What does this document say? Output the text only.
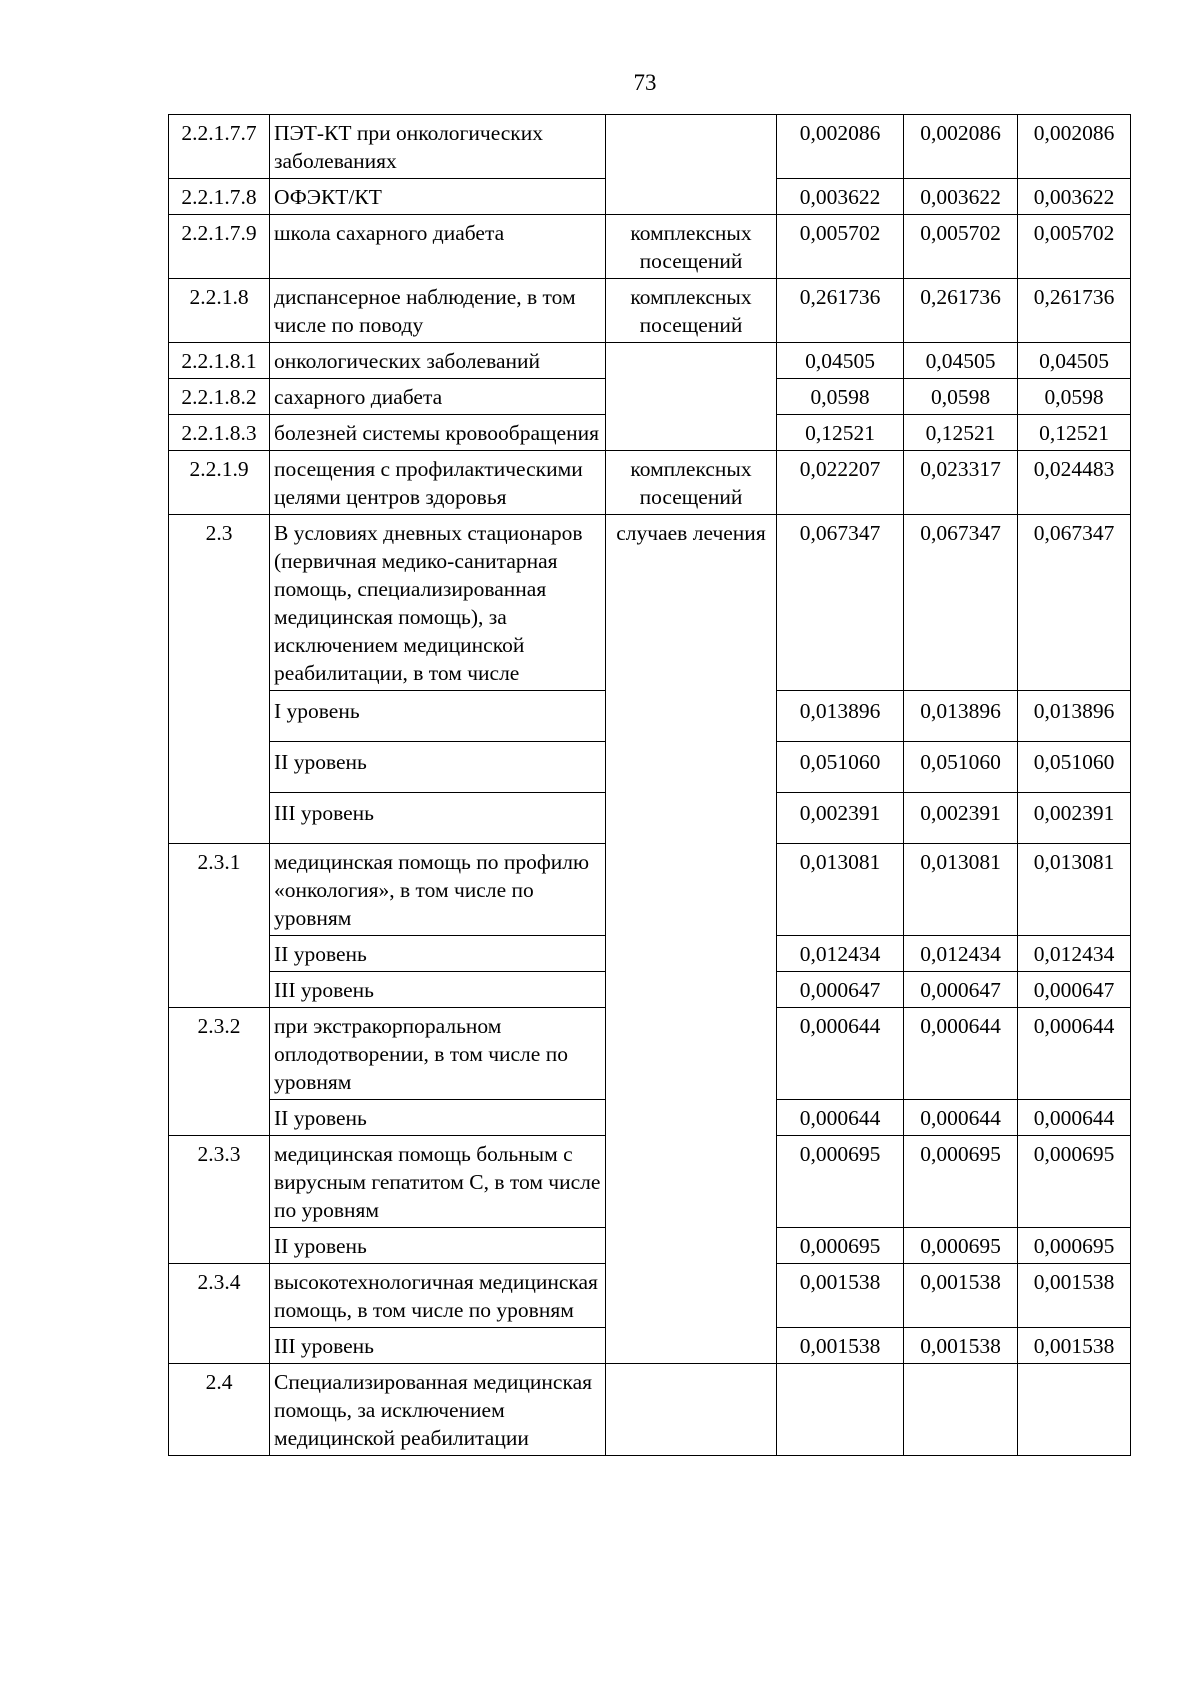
73
2.2.1.7.7	ПЭТ-КТ при онкологических заболеваниях		0,002086	0,002086	0,002086
2.2.1.7.8	ОФЭКТ/КТ		0,003622	0,003622	0,003622
2.2.1.7.9	школа сахарного диабета	комплексных посещений	0,005702	0,005702	0,005702
2.2.1.8	диспансерное наблюдение, в том числе по поводу	комплексных посещений	0,261736	0,261736	0,261736
2.2.1.8.1	онкологических заболеваний		0,04505	0,04505	0,04505
2.2.1.8.2	сахарного диабета		0,0598	0,0598	0,0598
2.2.1.8.3	болезней системы кровообращения		0,12521	0,12521	0,12521
2.2.1.9	посещения с профилактическими целями центров здоровья	комплексных посещений	0,022207	0,023317	0,024483
2.3	В условиях дневных стационаров (первичная медико-санитарная помощь, специализированная медицинская помощь), за исключением медицинской реабилитации, в том числе	случаев лечения	0,067347	0,067347	0,067347
	I уровень		0,013896	0,013896	0,013896
	II уровень		0,051060	0,051060	0,051060
	III уровень		0,002391	0,002391	0,002391
2.3.1	медицинская помощь по профилю «онкология», в том числе по уровням		0,013081	0,013081	0,013081
	II уровень		0,012434	0,012434	0,012434
	III уровень		0,000647	0,000647	0,000647
2.3.2	при экстракорпоральном оплодотворении, в том числе по уровням		0,000644	0,000644	0,000644
	II уровень		0,000644	0,000644	0,000644
2.3.3	медицинская помощь больным с вирусным гепатитом С, в том числе по уровням		0,000695	0,000695	0,000695
	II уровень		0,000695	0,000695	0,000695
2.3.4	высокотехнологичная медицинская помощь, в том числе по уровням		0,001538	0,001538	0,001538
	III уровень		0,001538	0,001538	0,001538
2.4	Специализированная медицинская помощь, за исключением медицинской реабилитации				
